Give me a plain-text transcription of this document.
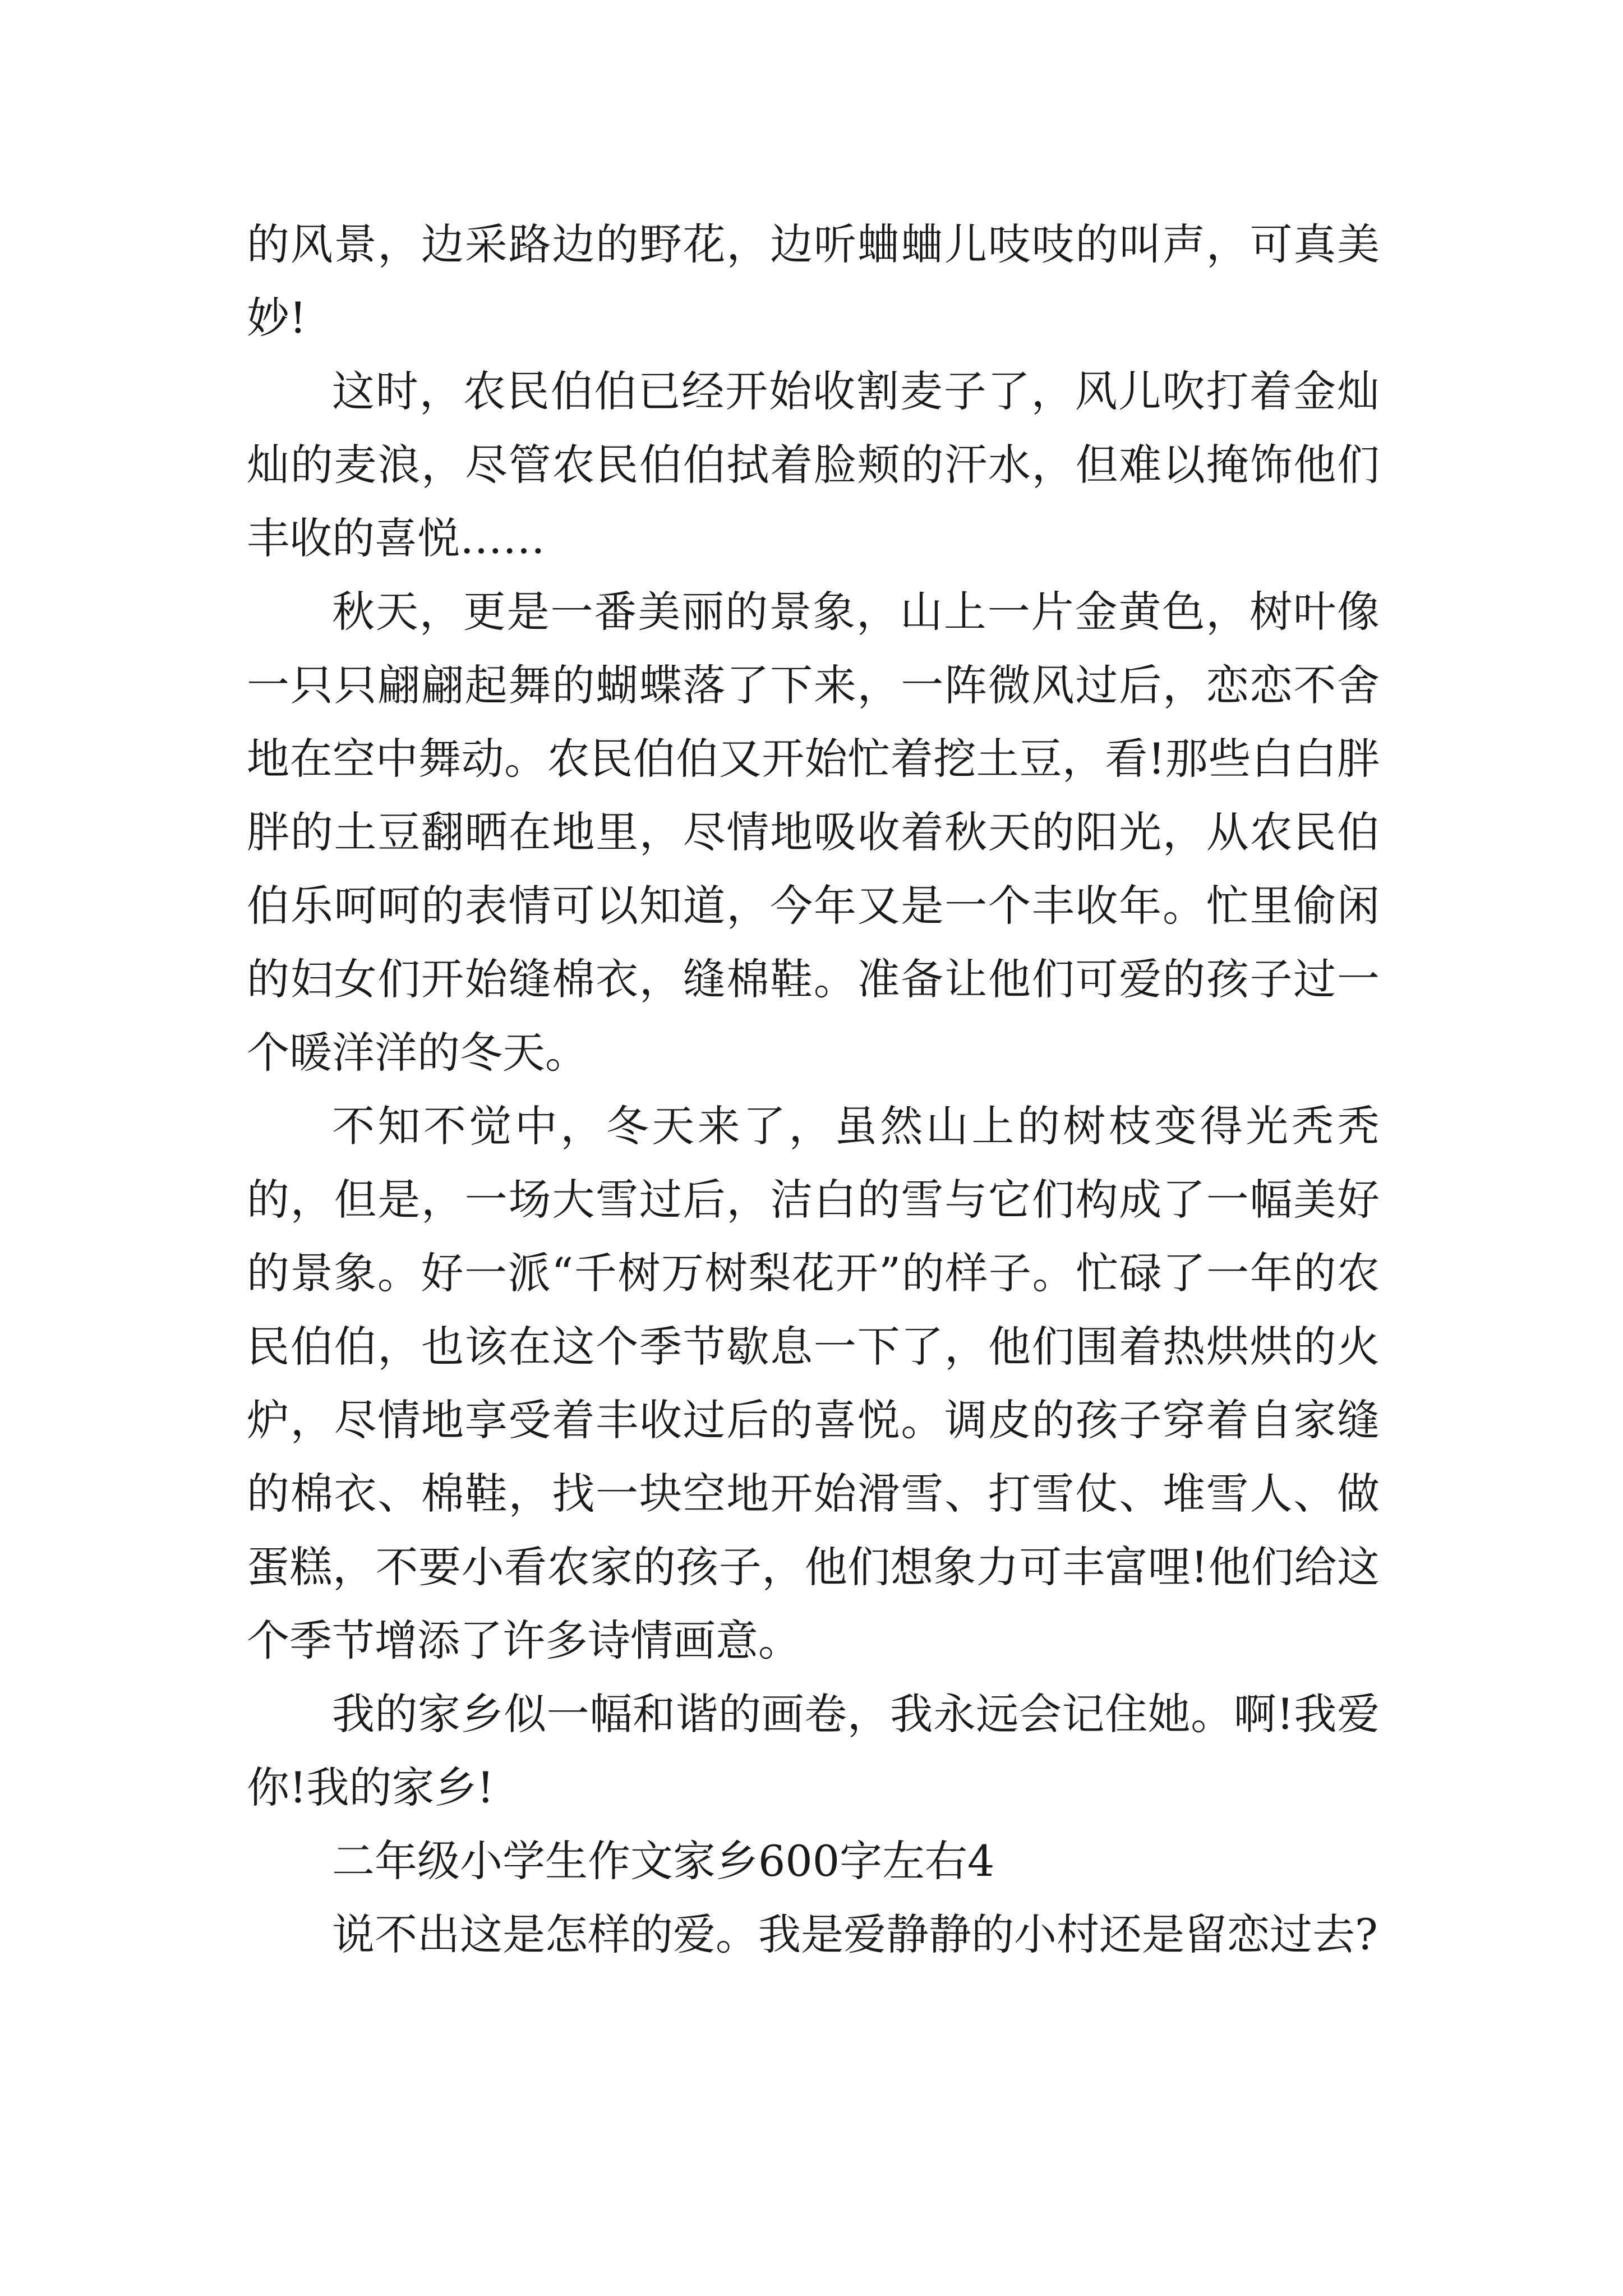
的风景，边采路边的野花，边听蛐蛐儿吱吱的叫声，可真美妙!

这时，农民伯伯已经开始收割麦子了，风儿吹打着金灿灿的麦浪，尽管农民伯伯拭着脸颊的汗水，但难以掩饰他们丰收的喜悦……

秋天，更是一番美丽的景象，山上一片金黄色，树叶像一只只翩翩起舞的蝴蝶落了下来，一阵微风过后，恋恋不舍地在空中舞动。农民伯伯又开始忙着挖土豆，看!那些白白胖胖的土豆翻晒在地里，尽情地吸收着秋天的阳光，从农民伯伯乐呵呵的表情可以知道，今年又是一个丰收年。忙里偷闲的妇女们开始缝棉衣，缝棉鞋。准备让他们可爱的孩子过一个暖洋洋的冬天。

不知不觉中，冬天来了，虽然山上的树枝变得光秃秃的，但是，一场大雪过后，洁白的雪与它们构成了一幅美好的景象。好一派“千树万树梨花开”的样子。忙碌了一年的农民伯伯，也该在这个季节歇息一下了，他们围着热烘烘的火炉，尽情地享受着丰收过后的喜悦。调皮的孩子穿着自家缝的棉衣、棉鞋，找一块空地开始滑雪、打雪仗、堆雪人、做蛋糕，不要小看农家的孩子，他们想象力可丰富哩!他们给这个季节增添了许多诗情画意。

我的家乡似一幅和谐的画卷，我永远会记住她。啊!我爱你!我的家乡!

二年级小学生作文家乡600字左右4

说不出这是怎样的爱。我是爱静静的小村还是留恋过去?
